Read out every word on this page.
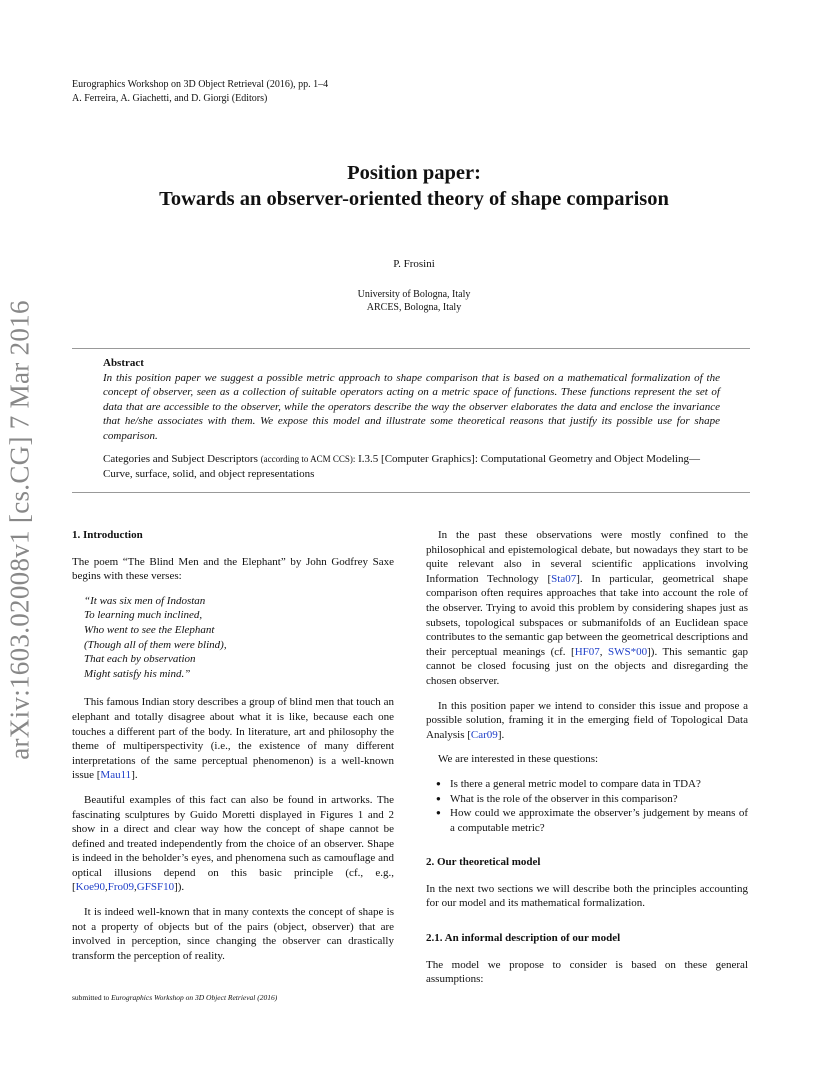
Eurographics Workshop on 3D Object Retrieval (2016), pp. 1–4
A. Ferreira, A. Giachetti, and D. Giorgi (Editors)
arXiv:1603.02008v1 [cs.CG] 7 Mar 2016
Position paper:
Towards an observer-oriented theory of shape comparison
P. Frosini
University of Bologna, Italy
ARCES, Bologna, Italy
Abstract
In this position paper we suggest a possible metric approach to shape comparison that is based on a mathematical formalization of the concept of observer, seen as a collection of suitable operators acting on a metric space of functions. These functions represent the set of data that are accessible to the observer, while the operators describe the way the observer elaborates the data and enclose the invariance that he/she associates with them. We expose this model and illustrate some theoretical reasons that justify its possible use for shape comparison.
Categories and Subject Descriptors (according to ACM CCS): I.3.5 [Computer Graphics]: Computational Geometry and Object Modeling—Curve, surface, solid, and object representations
1. Introduction

The poem “The Blind Men and the Elephant” by John Godfrey Saxe begins with these verses:

“It was six men of Indostan
To learning much inclined,
Who went to see the Elephant
(Though all of them were blind),
That each by observation
Might satisfy his mind.”

This famous Indian story describes a group of blind men that touch an elephant and totally disagree about what it is like, because each one touches a different part of the body. In literature, art and philosophy the theme of multiperspectivity (i.e., the existence of many different interpretations of the same perceptual phenomenon) is a well-known issue [Mau11].

Beautiful examples of this fact can also be found in artworks. The fascinating sculptures by Guido Moretti displayed in Figures 1 and 2 show in a direct and clear way how the concept of shape cannot be defined and treated independently from the choice of an observer. Shape is indeed in the beholder’s eyes, and phenomena such as camouflage and optical illusions depend on this basic principle (cf., e.g., [Koe90,Fro09,GFSF10]).

It is indeed well-known that in many contexts the concept of shape is not a property of objects but of the pairs (object, observer) that are involved in perception, since changing the observer can drastically transform the perception of reality.

In the past these observations were mostly confined to the philosophical and epistemological debate, but nowadays they start to be quite relevant also in several scientific applications involving Information Technology [Sta07]. In particular, geometrical shape comparison often requires approaches that take into account the role of the observer. Trying to avoid this problem by considering shapes just as subsets, topological subspaces or submanifolds of an Euclidean space contributes to the semantic gap between the geometrical descriptions and their perceptual meanings (cf. [HF07, SWS*00]). This semantic gap cannot be closed focusing just on the objects and disregarding the chosen observer.

In this position paper we intend to consider this issue and propose a possible solution, framing it in the emerging field of Topological Data Analysis [Car09].

We are interested in these questions:

● Is there a general metric model to compare data in TDA?
● What is the role of the observer in this comparison?
● How could we approximate the observer’s judgement by means of a computable metric?
2. Our theoretical model

In the next two sections we will describe both the principles accounting for our model and its mathematical formalization.

2.1. An informal description of our model

The model we propose to consider is based on these general assumptions:

submitted to Eurographics Workshop on 3D Object Retrieval (2016)
